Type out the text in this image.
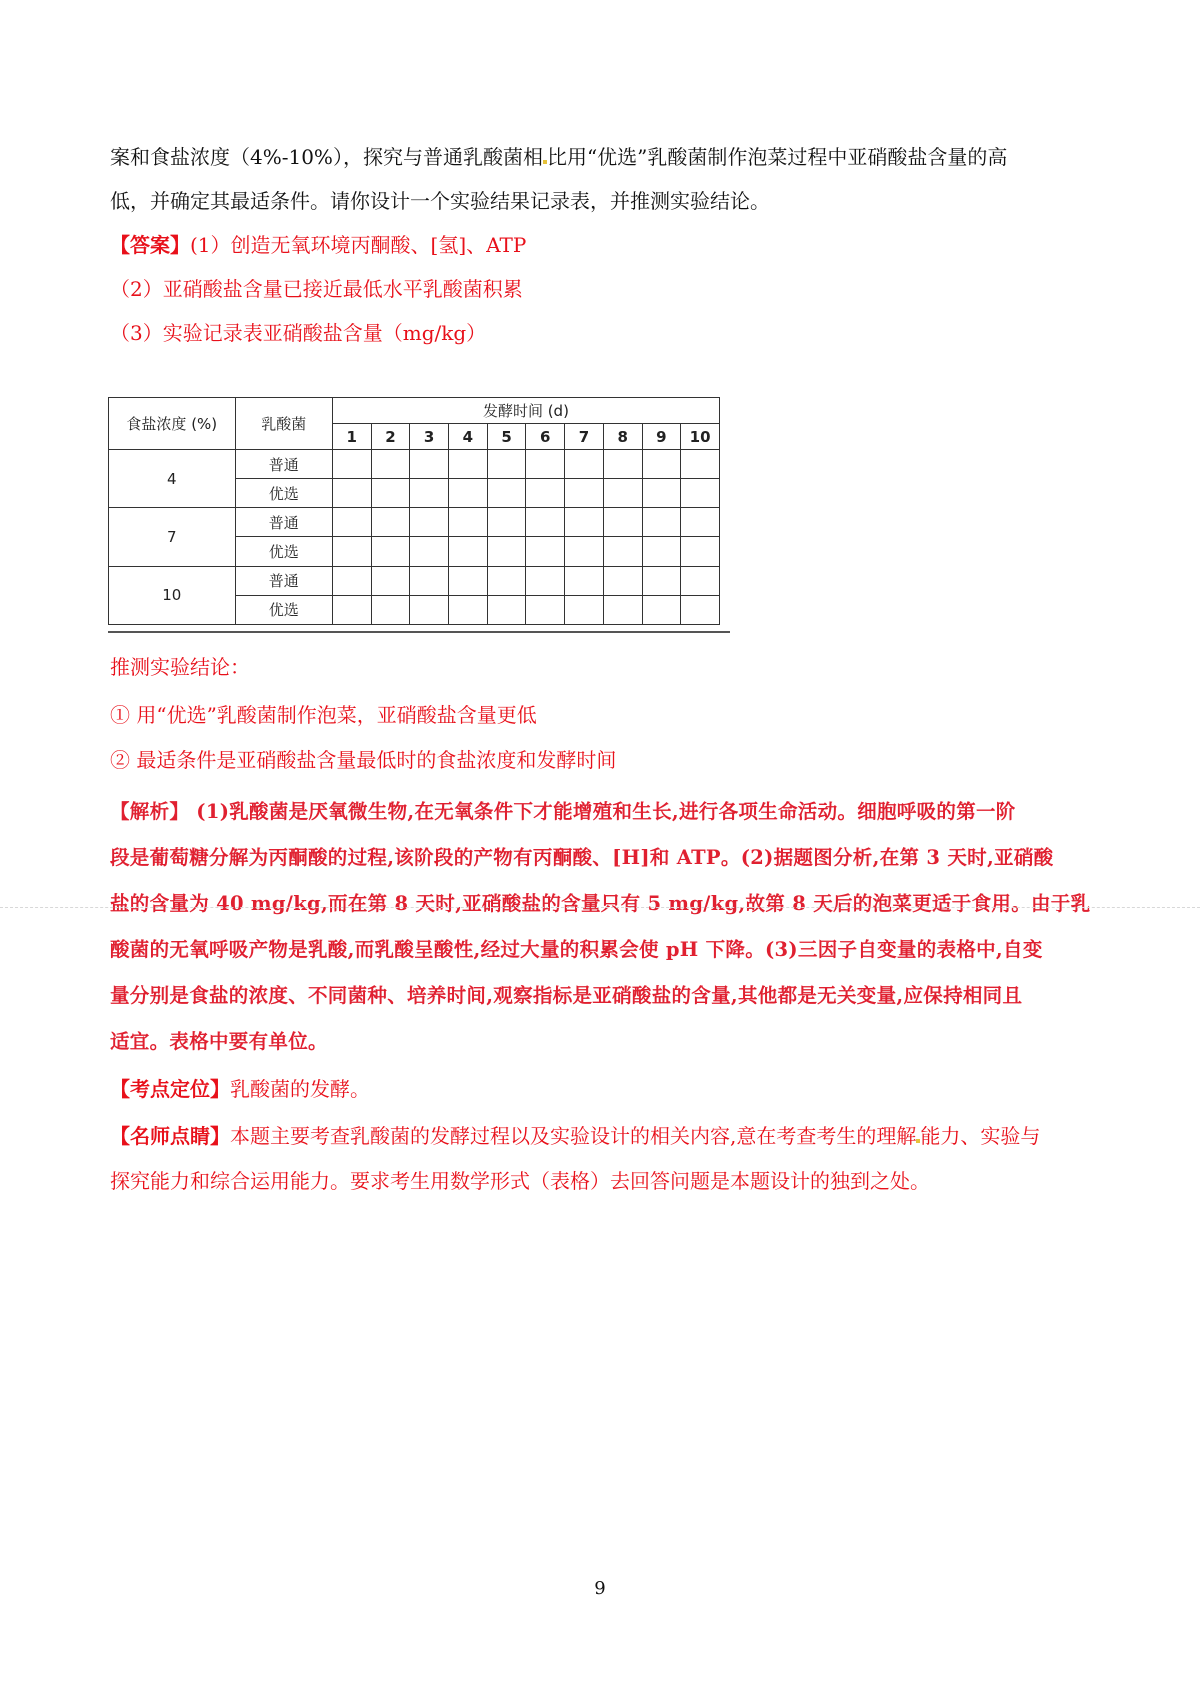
案和食盐浓度（4%-10%），探究与普通乳酸菌相 比用“优选”乳酸菌制作泡菜过程中亚硝酸盐含量的高
低，并确定其最适条件。请你设计一个实验结果记录表，并推测实验结论。
【答案】(1）创造无氧环境丙酮酸、[氢]、ATP
（2）亚硝酸盐含量已接近最低水平乳酸菌积累
（3）实验记录表亚硝酸盐含量（mg/kg）
食盐浓度 (%)	乳酸菌	发酵时间 (d)									
		1	2	3	4	5	6	7	8	9	10
4	普通										
	优选										
7	普通										
	优选										
10	普通										
	优选										
推测实验结论：
① 用“优选”乳酸菌制作泡菜，亚硝酸盐含量更低
② 最适条件是亚硝酸盐含量最低时的食盐浓度和发酵时间
【解析】 (1)乳酸菌是厌氧微生物,在无氧条件下才能增殖和生长,进行各项生命活动。细胞呼吸的第一阶
段是葡萄糖分解为丙酮酸的过程,该阶段的产物有丙酮酸、[H]和 ATP。(2)据题图分析,在第 3 天时,亚硝酸
盐的含量为 40 mg/kg,而在第 8 天时,亚硝酸盐的含量只有 5 mg/kg,故第 8 天后的泡菜更适于食用。由于乳
酸菌的无氧呼吸产物是乳酸,而乳酸呈酸性,经过大量的积累会使 pH 下降。(3)三因子自变量的表格中,自变
量分别是食盐的浓度、不同菌种、培养时间,观察指标是亚硝酸盐的含量,其他都是无关变量,应保持相同且
适宜。表格中要有单位。
【考点定位】乳酸菌的发酵。
【名师点睛】本题主要考查乳酸菌的发酵过程以及实验设计的相关内容,意在考查考生的理解 能力、实验与
探究能力和综合运用能力。要求考生用数学形式（表格）去回答问题是本题设计的独到之处。
9
